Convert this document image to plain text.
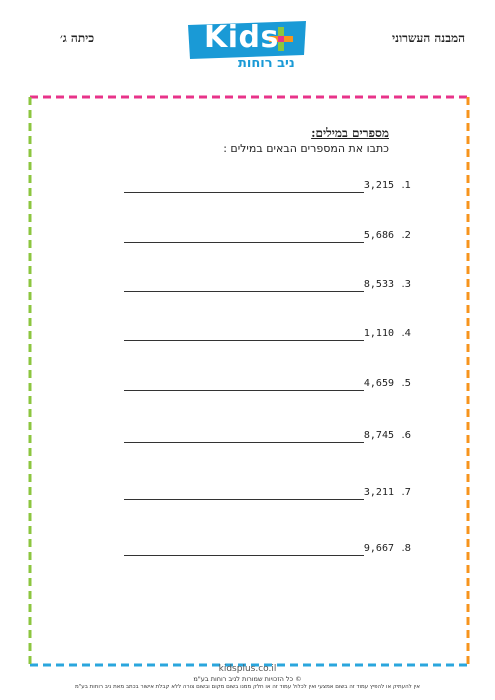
המבנה העשרוני
כיתה ג׳	Kids
ניב רוחות
מספרים במילים:
כתבו את המספרים הבאים במילים :
.1
3,215
.2
5,686
.3
8,533
.4
1,110
.5
4,659
.6
8,745
.7
3,211
.8
9,667
kidsplus.co.il
© כל הזכויות שמורות לניב רוחות בע"מ
אין להעתיק או להפיץ עמוד זה בשום אמצעי ואין לכלול עמוד זה או חלק ממנו בשום מקום ובשום צורה ללא קבלת אישור בכתב מאת ניב רוחות בע"מ
